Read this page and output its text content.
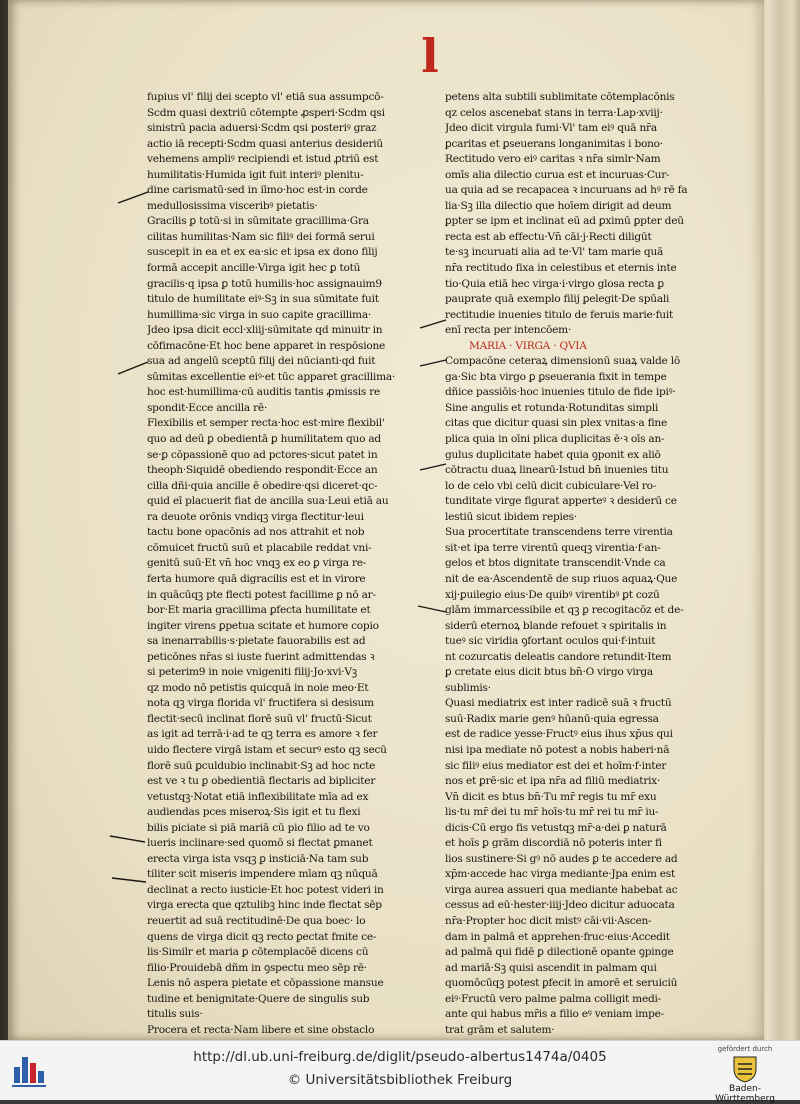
l
fupius vl' filij dei scepto vl' etiā sua assumpcō-
Scdm quasi dextriū cōtempte ꝓsperi·Scdm qsi
sinistrū pacia aduersi·Scdm qsi posteriꝰ graz
actio iā recepti·Scdm quasi anterius desideriū
vehemens ampliꝰ recipiendi et istud ꝓtriū est
humilitatis·Humida igit fuit interiꝰ plenitu-
dine carismatū·sed in iīmo·hoc est·in corde
medullosissima visceribꝰ pietatis·
Gracilis ꝑ totū·si in sūmitate gracillima·Gra
cilitas humilitas·Nam sic filiꝰ dei formā serui
suscepit in ea et ex ea·sic et ipsa ex dono filij
formā accepit ancille·Virga igit hec ꝑ totū
gracilis·q ipsa ꝑ totū humilis·hoc assignauim9
titulo de humilitate eiꝰ·Sꝫ in sua sūmitate fuit
humillima·sic virga in suo capite gracillima·
Jdeo ipsa dicit eccl·xliij·sūmitate qd minuitr in
cōfimacōne·Et hoc bene apparet in respōsione
sua ad angelū sceptū filij dei nūcianti·qd fuit
sūmitas excellentie eiꝰ·et tūc apparet gracillima·
hoc est·humillima·cū auditis tantis ꝓmissis re
spondit·Ecce ancilla rē·
Flexibilis et semper recta·hoc est·mire flexibil'
quo ad deū ꝑ obedientā ꝑ humilitatem quo ad
se·ꝑ cōpassionē quo ad pctores·sicut patet in
theoph·Siquidē obediendo respondit·Ecce an
cilla dñi·quia ancille ē obedire·qsi diceret·qc-
quid eī placuerit fiat de ancilla sua·Leui etiā au
ra deuote orōnis vndiqꝫ virga flectitur·leui
tactu bone opacōnis ad nos attrahit et nob
cōmuicet fructū suū et placabile reddat vni-
genitū suū·Et vn̄ hoc vnqꝫ ex eo ꝑ virga re-
ferta humore quā digracilis est et in virore
in quācūqꝫ pte flecti potest facillime ꝑ nō ar-
bor·Et maria gracillima ꝑfecta humilitate et
ingiter virens ꝑpetua scitate et humore copio
sa inenarrabilis·s·pietate fauorabilis est ad
peticōnes nr̄as si iuste fuerint admittendas ꝛ
si peterim9 in noie vnigeniti filij·Jo·xvi·Vꝫ
qz modo nō petistis quicquā in noie meo·Et
nota qꝫ virga florida vl' fructifera si desisum
flectit·secū inclinat florē suū vl' fructū·Sicut
as igit ad terrā·i·ad te qꝫ terra es amore ꝛ fer
uido flectere virgā istam et securꝰ esto qꝫ secū
florē suū ꝑculdubio inclinabit·Sꝫ ad hoc ncte
est ve ꝛ tu ꝑ obedientiā flectaris ad bipliciter
vetustqꝫ·Notat etiā inflexibilitate mīa ad ex
audiendas pces miseroꝝ·Sis igit et tu flexi
bilis piciate si piā mariā cū pio filio ad te vo
lueris inclinare·sed quomō si flectat ꝑmanet
erecta virga ista vsqꝫ ꝑ insticiā·Na tam sub
tiliter scit miseris impendere mīam qꝫ nūquā
declinat a recto iusticie·Et hoc potest videri in
virga erecta que qztulibꝫ hinc inde flectat sēp
reuertit ad suā rectitudinē·De qua boec· lo
quens de virga dicit qꝫ recto ꝑectat fmite ce-
lis·Similr et maria ꝑ cōtemplacōē dicens cū
filio·Prouidebā dñm in ꝯspectu meo sēp rē·
Lenis nō aspera pietate et cōpassione mansue
tudine et benignitate·Quere de singulis sub
titulis suis·
Procera et recta·Nam libere et sine obstaclo
petens alta subtili sublimitate cōtemplacōnis
qz celos ascenebat stans in terra·Lap·xviij·
Jdeo dicit virgula fumi·Vl' tam eiꝰ quā nr̄a
ꝑcaritas et ꝑseuerans longanimitas i bono·
Rectitudo vero eiꝰ caritas ꝛ nr̄a simlr·Nam
omīs alia dilectio curua est et incuruas·Cur-
ua quia ad se recapacea ꝛ incuruans ad hꝰ rē fa
lia·Sꝫ illa dilectio que hoīem dirigit ad deum
ꝑpter se ipm et inclinat eū ad ꝑximū ꝑpter deū
recta est ab effectu·Vn̄ cāi·j·Recti diligūt
te·sꝫ incuruati alia ad te·Vl' tam marie quā
nr̄a rectitudo fixa in celestibus et eternis inte
tio·Quia etiā hec virga·i·virgo glosa recta ꝑ
pauprate quā exemplo filij ꝑelegit·De spūali
rectitudie inuenies titulo de feruis marie·fuit
enī recta per intencōem·
MARIA · VIRGA · QVIA
Compacōne ceteraꝝ dimensionū suaꝝ valde lō
ga·Sic bta virgo ꝑ ꝑseuerania fixit in tempe
dñice passiōis·hoc inuenies titulo de fide ipiꝰ·
Sine angulis et rotunda·Rotunditas simpli
citas que dicitur quasi sin plex vnitas·a fine
plica quia in oīni plica duplicitas ē·ꝛ oīs an-
gulus duplicitate habet quia ꝯponit ex aliō
cōtractu duaꝝ linearū·Istud bn̄ inuenies titu
lo de celo vbi celū dicit cubiculare·Vel ro-
tunditate virge figurat apperteꝰ ꝛ desiderū ce
lestiū sicut ibidem repies·
Sua procertitate transcendens terre virentia
sit·et ipa terre virentū queqꝫ virentia·f·an-
gelos et btos dignitate transcendit·Vnde ca
nit de ea·Ascendentē de sup riuos aquaꝝ·Que
xij·ꝑuilegio eius·De quibꝰ virentibꝰ ꝑt cozū
glām immarcessibile et qꝫ ꝑ recogitacōz et de-
siderū eternoꝝ blande refouet ꝛ spiritalis in
tueꝰ sic viridia ꝯfortant oculos qui·f·intuit
nt cozurcatis deleatis candore retundit·Item
ꝑ cretate eius dicit btus bn̄·O virgo virga
sublimis·
Quasi mediatrix est inter radicē suā ꝛ fructū
suū·Radix marie genꝰ hūanū·quia egressa
est de radice yesse·Fructꝰ eius ihus xp̄us qui
nisi ipa mediate nō potest a nobis haberi·nā
sic filiꝰ eius mediator est dei et hoīm·f·inter
nos et ꝑrē·sic et ipa nr̄a ad filiū mediatrix·
Vn̄ dicit es btus bn̄·Tu mr̄ regis tu mr̄ exu
lis·tu mr̄ dei tu mr̄ hoīs·tu mr̄ rei tu mr̄ iu-
dicis·Cū ergo fis vetustqꝫ mr̄·a·dei ꝑ naturā
et hoīs ꝑ grām discordiā nō poteris inter fi
lios sustinere·Si gꝰ nō audes ꝑ te accedere ad
xp̄m·accede hac virga mediante·Jpa enim est
virga aurea assueri qua mediante habebat ac
cessus ad eū·hester·iiij·Jdeo dicitur aduocata
nr̄a·Propter hoc dicit mistꝰ cāi·vii·Ascen-
dam in palmā et apprehen·fruc·eius·Accedit
ad palmā qui fidē ꝑ dilectionē opante ꝯpinge
ad mariā·Sꝫ quisi ascendit in palmam qui
quomōcūqꝫ potest ꝑfecit in amorē et seruiciū
eiꝰ·Fructū vero palme palma colligit medi-
ante qui habus mr̄is a filio eꝰ veniam impe-
trat grām et salutem·
http://dl.ub.uni-freiburg.de/diglit/pseudo-albertus1474a/0405
© Universitätsbibliothek Freiburg
gefördert durch
Baden-Württemberg
